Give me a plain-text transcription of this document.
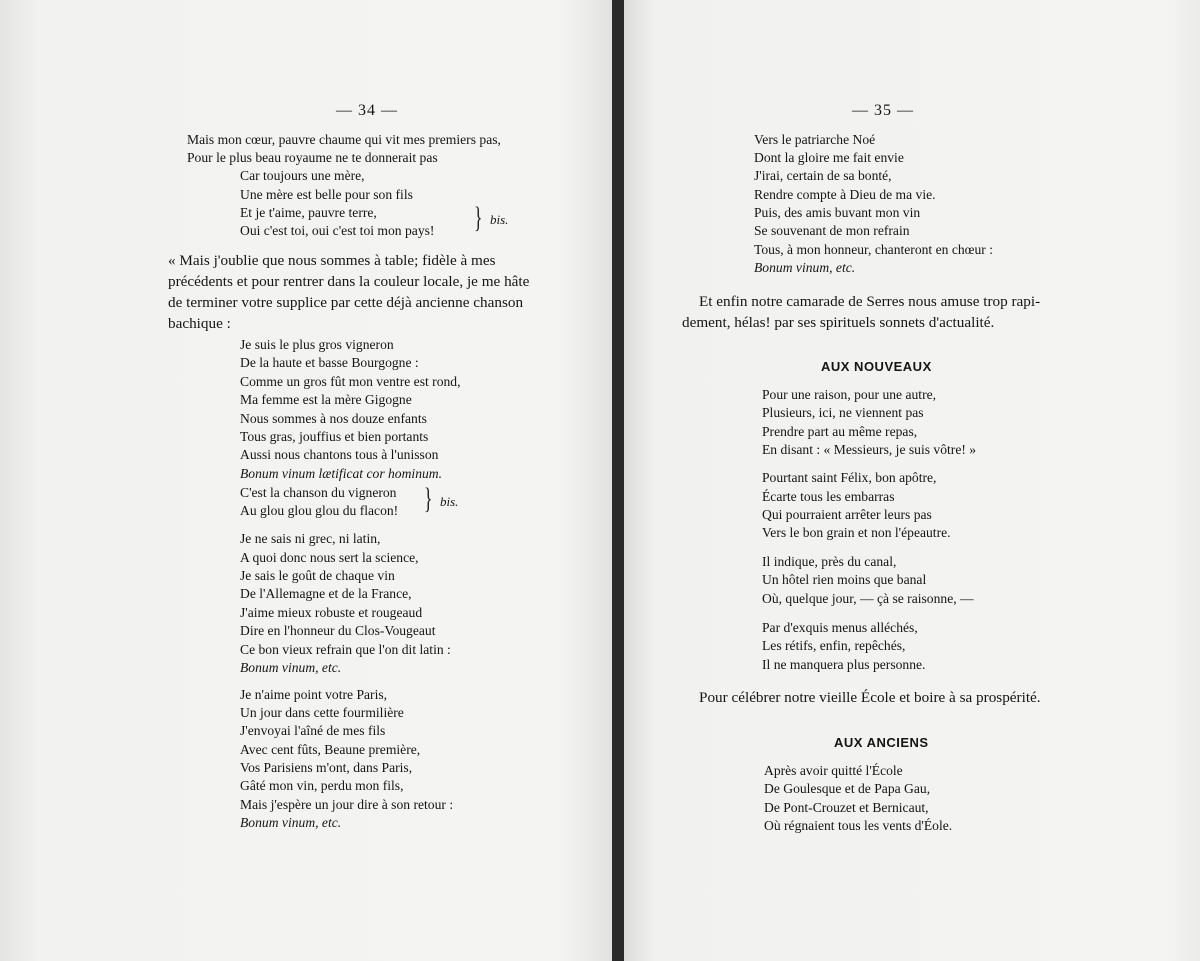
— 34 —
Mais mon cœur, pauvre chaume qui vit mes premiers pas,
Pour le plus beau royaume ne te donnerait pas
Car toujours une mère,
Une mère est belle pour son fils
Et je t'aime, pauvre terre,
Oui c'est toi, oui c'est toi mon pays! } bis.
« Mais j'oublie que nous sommes à table; fidèle à mes
précédents et pour rentrer dans la couleur locale, je me hâte
de terminer votre supplice par cette déjà ancienne chanson
bachique :
Je suis le plus gros vigneron
De la haute et basse Bourgogne :
Comme un gros fût mon ventre est rond,
Ma femme est la mère Gigogne
Nous sommes à nos douze enfants
Tous gras, jouffius et bien portants
Aussi nous chantons tous à l'unisson
Bonum vinum lætificat cor hominum.
C'est la chanson du vigneron
Au glou glou glou du flacon! } bis.
Je ne sais ni grec, ni latin,
A quoi donc nous sert la science,
Je sais le goût de chaque vin
De l'Allemagne et de la France,
J'aime mieux robuste et rougeaud
Dire en l'honneur du Clos-Vougeaut
Ce bon vieux refrain que l'on dit latin :
Bonum vinum, etc.
Je n'aime point votre Paris,
Un jour dans cette fourmilière
J'envoyai l'aîné de mes fils
Avec cent fûts, Beaune première,
Vos Parisiens m'ont, dans Paris,
Gâté mon vin, perdu mon fils,
Mais j'espère un jour dire à son retour :
Bonum vinum, etc.
— 35 —
Vers le patriarche Noé
Dont la gloire me fait envie
J'irai, certain de sa bonté,
Rendre compte à Dieu de ma vie.
Puis, des amis buvant mon vin
Se souvenant de mon refrain
Tous, à mon honneur, chanteront en chœur :
Bonum vinum, etc.
Et enfin notre camarade de Serres nous amuse trop rapi-
dement, hélas! par ses spirituels sonnets d'actualité.
AUX NOUVEAUX
Pour une raison, pour une autre,
Plusieurs, ici, ne viennent pas
Prendre part au même repas,
En disant : « Messieurs, je suis vôtre! »
Pourtant saint Félix, bon apôtre,
Écarte tous les embarras
Qui pourraient arrêter leurs pas
Vers le bon grain et non l'épeautre.
Il indique, près du canal,
Un hôtel rien moins que banal
Où, quelque jour, — çà se raisonne, —
Par d'exquis menus alléchés,
Les rétifs, enfin, repêchés,
Il ne manquera plus personne.
Pour célébrer notre vieille École et boire à sa prospérité.
AUX ANCIENS
Après avoir quitté l'École
De Goulesque et de Papa Gau,
De Pont-Crouzet et Bernicaut,
Où régnaient tous les vents d'Éole.
